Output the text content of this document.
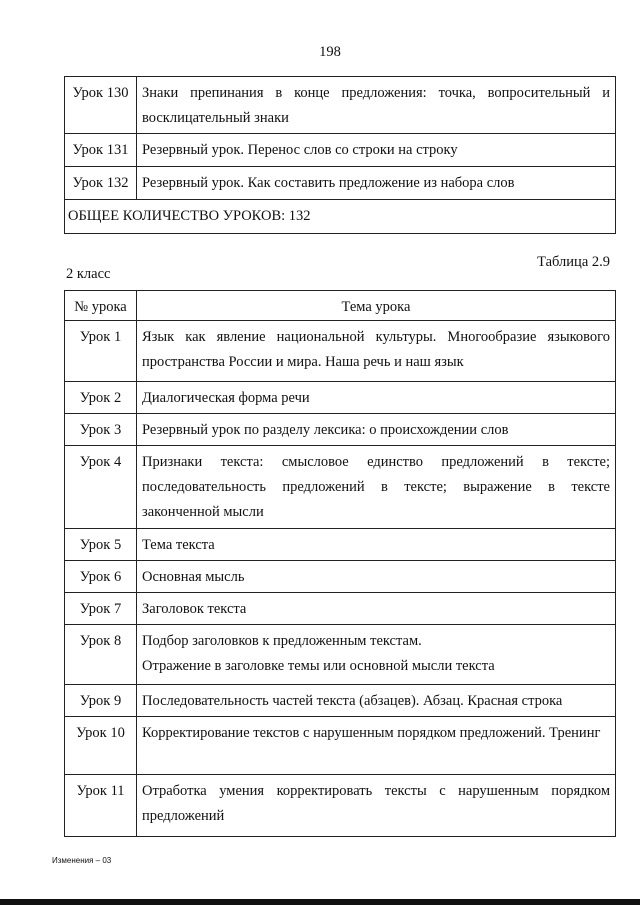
198
Урок 130	Знаки препинания в конце предложения: точка, вопросительный и восклицательный знаки
Урок 131	Резервный урок. Перенос слов со строки на строку
Урок 132	Резервный урок. Как составить предложение из набора слов
ОБЩЕЕ КОЛИЧЕСТВО УРОКОВ: 132	
Таблица 2.9
2 класс
№ урока	Тема урока
Урок 1	Язык как явление национальной культуры. Многообразие языкового пространства России и мира. Наша речь и наш язык
Урок 2	Диалогическая форма речи
Урок 3	Резервный урок по разделу лексика: о происхождении слов
Урок 4	Признаки текста: смысловое единство предложений в тексте; последовательность предложений в тексте; выражение в тексте законченной мысли
Урок 5	Тема текста
Урок 6	Основная мысль
Урок 7	Заголовок текста
Урок 8	Подбор заголовков к предложенным текстам.
Отражение в заголовке темы или основной мысли текста

Урок 9	Последовательность частей текста (абзацев). Абзац. Красная строка
Урок 10	Корректирование текстов с нарушенным порядком предложений. Тренинг
Урок 11	Отработка умения корректировать тексты с нарушенным порядком предложений
Изменения – 03
